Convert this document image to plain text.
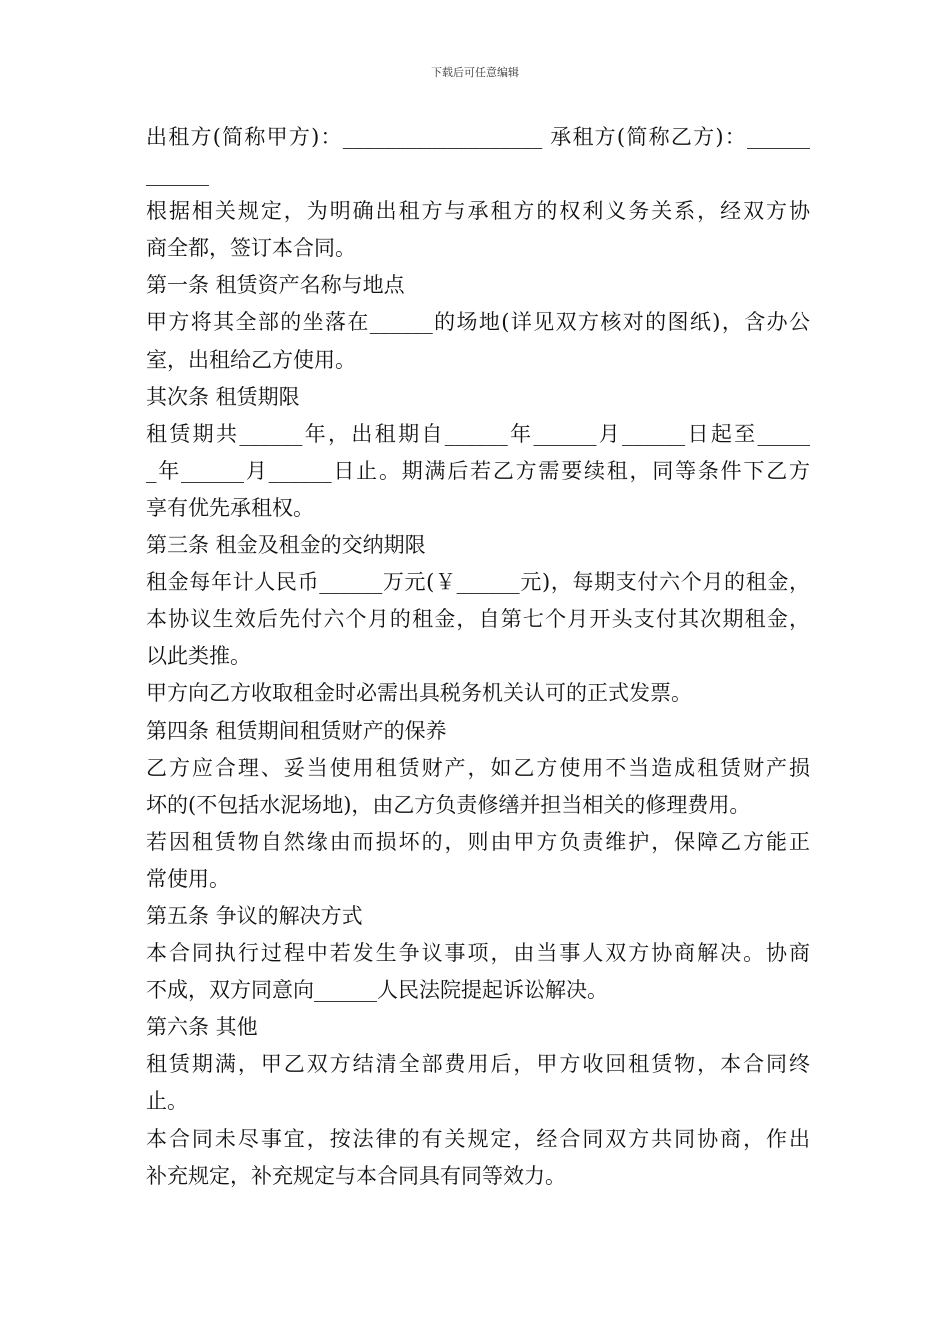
下载后可任意编辑
出租方(简称甲方)：___________________ 承租方(简称乙方)：______
______
根据相关规定，为明确出租方与承租方的权利义务关系，经双方协
商全都，签订本合同。
第一条 租赁资产名称与地点
甲方将其全部的坐落在______的场地(详见双方核对的图纸)，含办公
室，出租给乙方使用。
其次条 租赁期限
租赁期共______年，出租期自______年______月______日起至_____
_年______月______日止。期满后若乙方需要续租，同等条件下乙方
享有优先承租权。
第三条 租金及租金的交纳期限
租金每年计人民币______万元(￥______元)，每期支付六个月的租金，
本协议生效后先付六个月的租金，自第七个月开头支付其次期租金，
以此类推。
甲方向乙方收取租金时必需出具税务机关认可的正式发票。
第四条 租赁期间租赁财产的保养
乙方应合理、妥当使用租赁财产，如乙方使用不当造成租赁财产损
坏的(不包括水泥场地)，由乙方负责修缮并担当相关的修理费用。
若因租赁物自然缘由而损坏的，则由甲方负责维护，保障乙方能正
常使用。
第五条 争议的解决方式
本合同执行过程中若发生争议事项，由当事人双方协商解决。协商
不成，双方同意向______人民法院提起诉讼解决。
第六条 其他
租赁期满，甲乙双方结清全部费用后，甲方收回租赁物，本合同终
止。
本合同未尽事宜，按法律的有关规定，经合同双方共同协商，作出
补充规定，补充规定与本合同具有同等效力。
